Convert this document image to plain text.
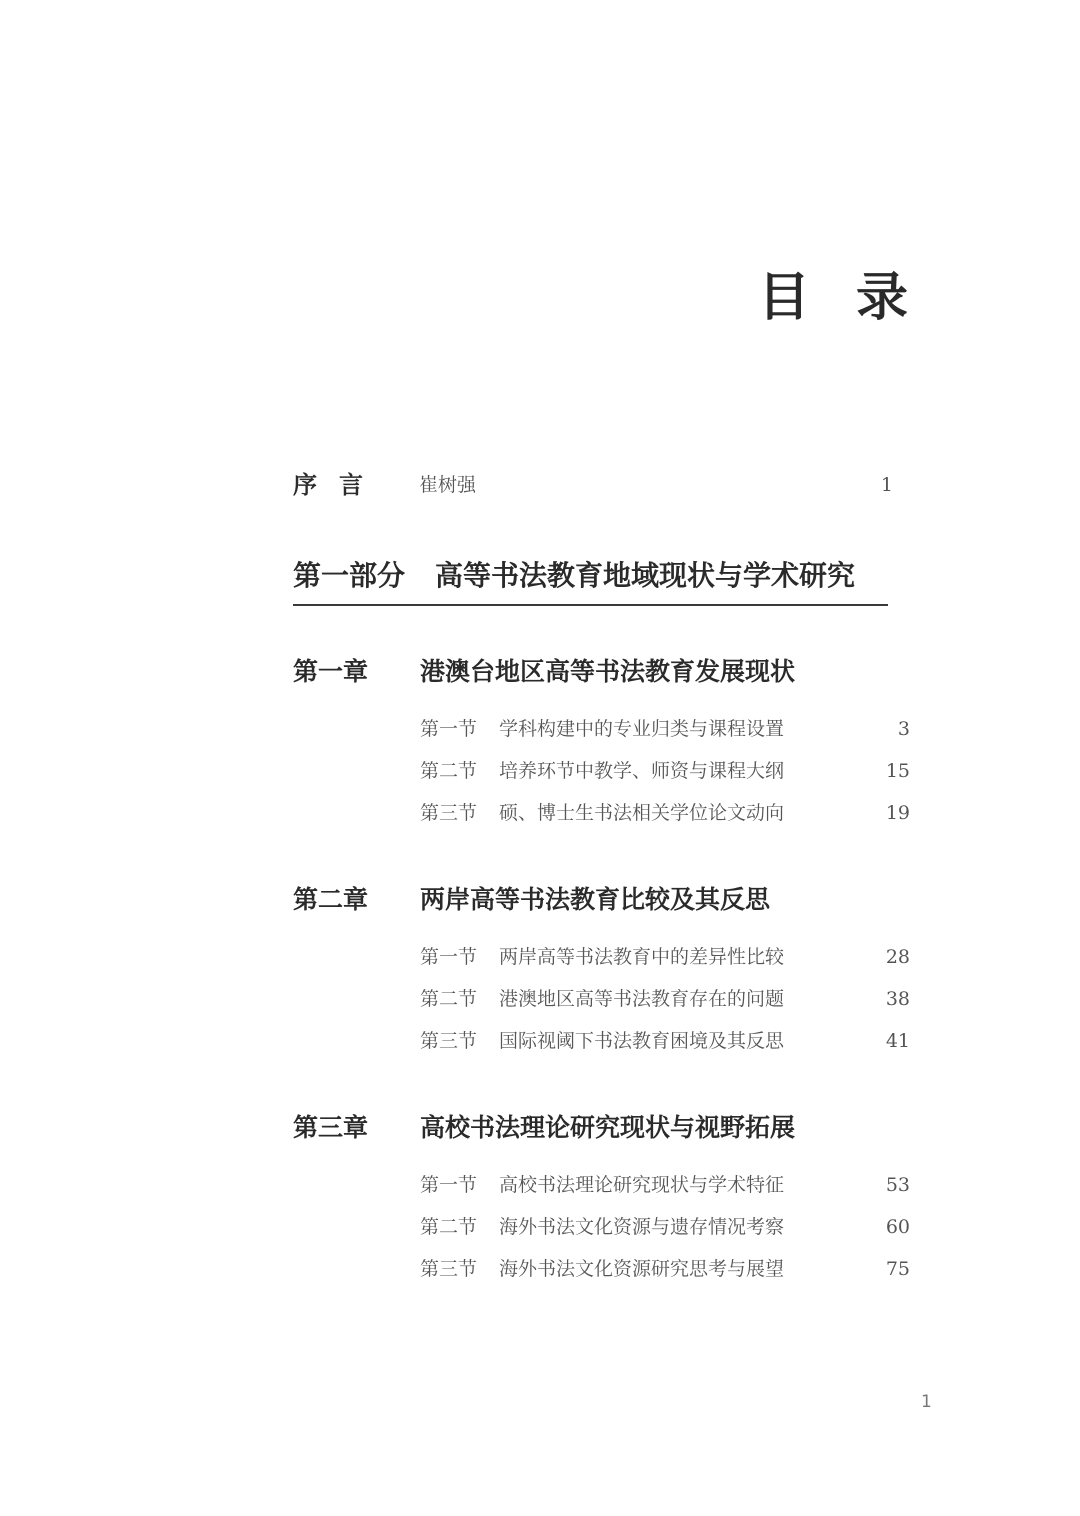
目录
序言 崔树强	1
第一部分 高等书法教育地域现状与学术研究
第一章 港澳台地区高等书法教育发展现状
第一节 学科构建中的专业归类与课程设置	3
第二节 培养环节中教学、师资与课程大纲	15
第三节 硕、博士生书法相关学位论文动向	19
第二章 两岸高等书法教育比较及其反思
第一节 两岸高等书法教育中的差异性比较	28
第二节 港澳地区高等书法教育存在的问题	38
第三节 国际视阈下书法教育困境及其反思	41
第三章 高校书法理论研究现状与视野拓展
第一节 高校书法理论研究现状与学术特征	53
第二节 海外书法文化资源与遗存情况考察	60
第三节 海外书法文化资源研究思考与展望	75
1
